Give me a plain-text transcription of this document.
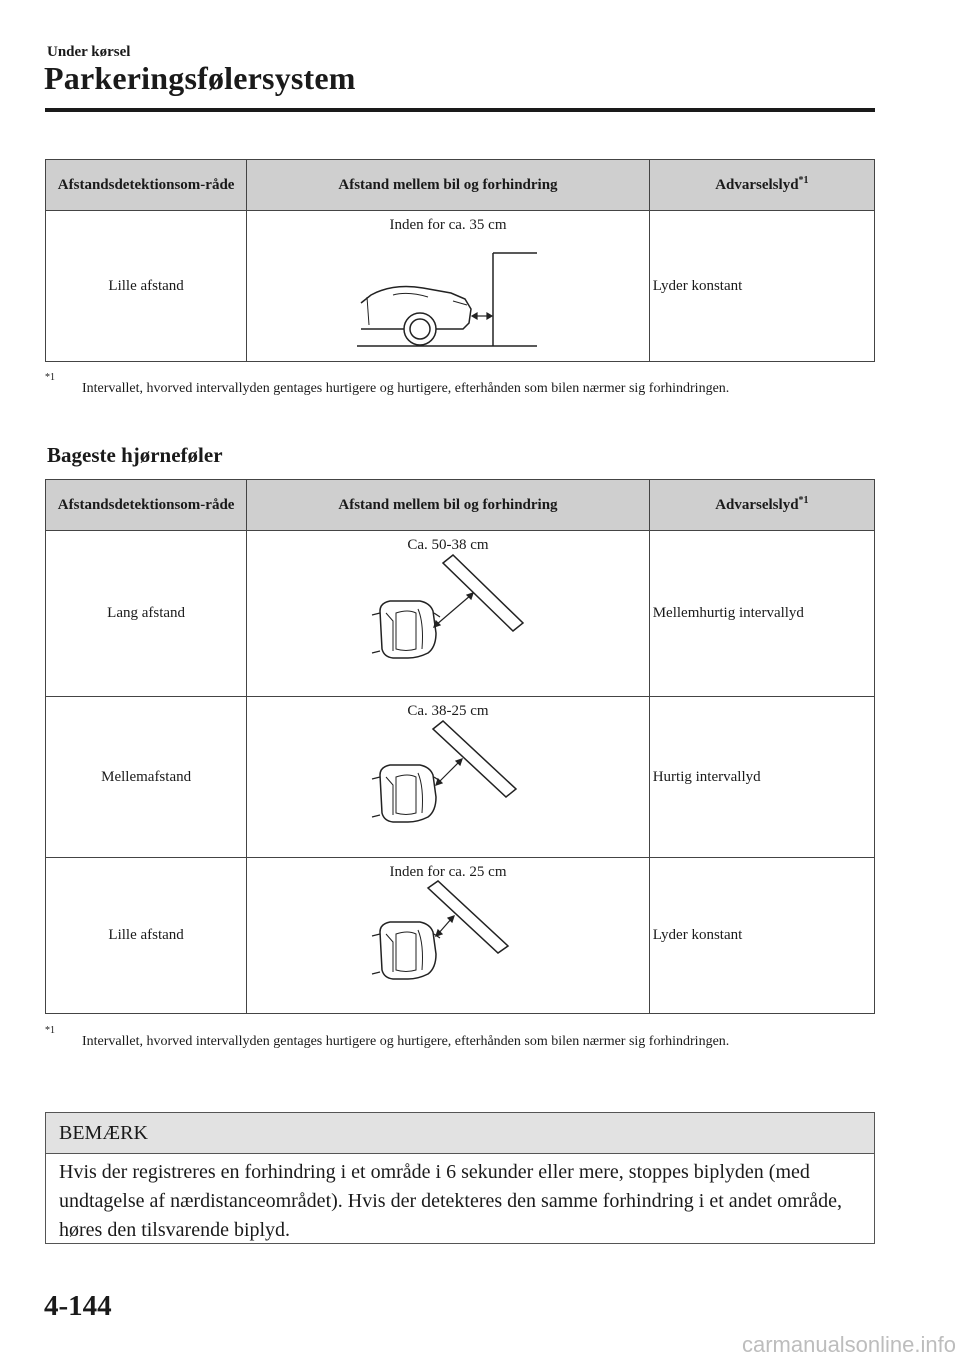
Under kørsel
Parkeringsfølersystem
Afstandsdetektionsom-råde	Afstand mellem bil og forhindring	Advarselslyd$^{*1}$
Lille afstand	Inden for ca. 35 cm	Lyder konstant
*1
Intervallet, hvorved intervallyden gentages hurtigere og hurtigere, efterhånden som bilen nærmer sig forhindringen.
Bageste hjørneføler
Afstandsdetektionsom-råde	Afstand mellem bil og forhindring	Advarselslyd$^{*1}$
Lang afstand	Ca. 50-38 cm	Mellemhurtig intervallyd
Mellemafstand	Ca. 38-25 cm	Hurtig intervallyd
Lille afstand	Inden for ca. 25 cm	Lyder konstant
*1
Intervallet, hvorved intervallyden gentages hurtigere og hurtigere, efterhånden som bilen nærmer sig forhindringen.
BEMÆRK
Hvis der registreres en forhindring i et område i 6 sekunder eller mere, stoppes biplyden (med undtagelse af nærdistanceområdet). Hvis der detekteres den samme forhindring i et andet område, høres den tilsvarende biplyd.
4-144
carmanualsonline.info
